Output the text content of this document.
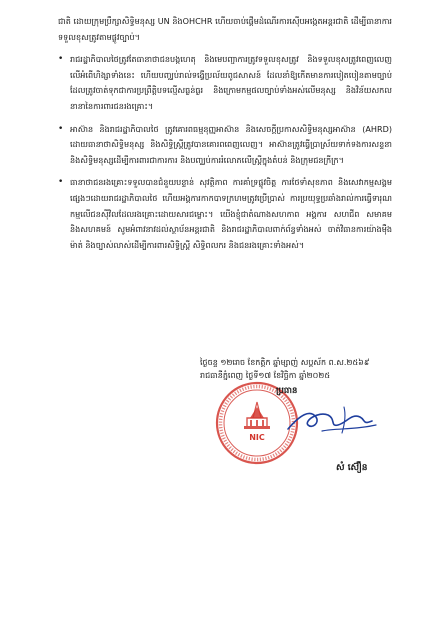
ជាតិ ដោយក្រុមប្រឹក្សាសិទ្ធិមនុស្ស UN និងOHCHR ហើយចាប់ផ្ដើមដំណើរការស៊ើបអង្កេតអន្តរជាតិ ដើម្បីធានាការទទួលខុសត្រូវតាមផ្លូវច្បាប់។

• រាជរដ្ឋាភិបាលថៃត្រូវតែធានាថាជនបង្កហេតុ និងមេបញ្ជាការត្រូវទទួលខុសត្រូវ និងទទួលខុសត្រូវពេញលេញ លើអំពើហិង្សាទាំងនេះ ហើយបញ្ឈប់រាល់ទង្វើប្រល័យពូជសាសន៍ ដែលនាំឱ្យកើតមានការបៀតបៀនតាមច្បាប់ ដែលត្រូវចាត់ទុកជាការប្រព្រឹត្តិបទល្មើសធ្ងន់ធ្ងរ និងក្រោមកម្មផលច្បាប់ទាំងអស់លើមនុស្ស និងវិន័យសកលនានានៃការពារជនរងគ្រោះ។
• អាស៊ាន និងរាជរដ្ឋាភិបាលថៃ ត្រូវគោរពធម្មនុញ្ញអាស៊ាន និងសេចក្ដីប្រកាសសិទ្ធិមនុស្សអាស៊ាន (AHRD) ដោយធានាថាសិទ្ធិមនុស្ស និងសិទ្ធិស្ត្រីត្រូវបានគោរពពេញលេញ។ អាស៊ានត្រូវធ្វើប្រាស្រ័យទាក់ទងការសន្ទនា និងសិទ្ធិមនុស្សដើម្បីការពារជាការការ និងបញ្ឈប់ការរំលោភលើស្ត្រីក្នុងតំបន់ និងក្រុមជនក្រីក្រ។
• ធានាថាជនរងគ្រោះទទួលបានជំនួយបន្ទាន់ សុវត្ថិភាព ការគាំទ្រផ្លូវចិត្ត ការថែទាំសុខភាព និងសេវាកម្មសង្គមផ្សេងៗដោយរាជរដ្ឋាភិបាលថៃ ហើយអង្គការកាកបាទក្រហមត្រូវប្រើប្រាស់ ការប្រយុទ្ធប្រឆាំងរាល់ការធ្វើទារុណកម្មលើជនស៊ីវិលដែលរងគ្រោះដោយសារជម្លោះ។ យើងខ្ញុំជាតំណាងសហភាព អង្គការ សហជីព សមាគម និងសហគមន៍ សូមអំពាវនាវដល់ស្ថាប័នអន្តរជាតិ និងរាជរដ្ឋាភិបាលពាក់ព័ន្ធទាំងអស់ ចាត់វិធានការយ៉ាងម៉ឺងម៉ាត់ និងច្បាស់លាស់ដើម្បីការពារសិទ្ធិស្ត្រី សិទ្ធិពលករ និងជនរងគ្រោះទាំងអស់។
ថ្ងៃចន្ទ ១២រោច ខែកត្តិក ឆ្នាំម្សាញ់ សប្តស័ក ព.ស.២៥៦៩
រាជធានីភ្នំពេញ ថ្ងៃទី១៧ ខែវិច្ឆិកា ឆ្នាំ២០២៥
NIC
ប្រធាន
សំ ស៊ឿន
